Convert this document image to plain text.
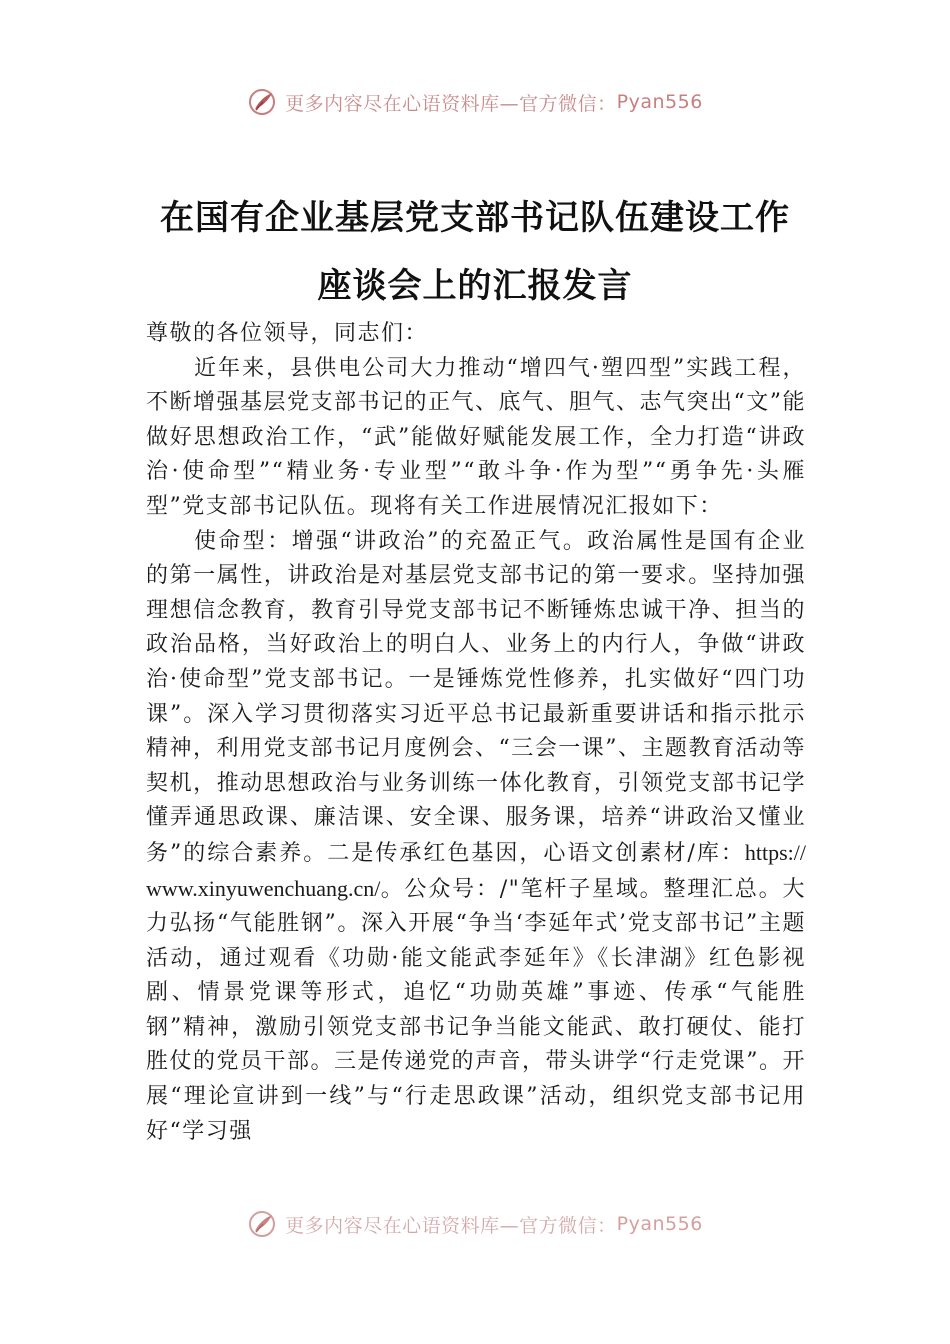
更多内容尽在心语资料库—官方微信： Pyan556
在国有企业基层党支部书记队伍建设工作
座谈会上的汇报发言

尊敬的各位领导，同志们：

近年来，县供电公司大力推动“增四气·塑四型”实践工程，不断增强基层党支部书记的正气、底气、胆气、志气突出“文”能做好思想政治工作，“武”能做好赋能发展工作，全力打造“讲政治·使命型”“精业务·专业型”“敢斗争·作为型”“勇争先·头雁型”党支部书记队伍。现将有关工作进展情况汇报如下：

使命型：增强“讲政治”的充盈正气。政治属性是国有企业的第一属性，讲政治是对基层党支部书记的第一要求。坚持加强理想信念教育，教育引导党支部书记不断锤炼忠诚干净、担当的政治品格，当好政治上的明白人、业务上的内行人，争做“讲政治·使命型”党支部书记。一是锤炼党性修养，扎实做好“四门功课”。深入学习贯彻落实习近平总书记最新重要讲话和指示批示精神，利用党支部书记月度例会、“三会一课”、主题教育活动等契机，推动思想政治与业务训练一体化教育，引领党支部书记学懂弄通思政课、廉洁课、安全课、服务课，培养“讲政治又懂业务”的综合素养。二是传承红色基因，心语文创素材/库：https://www.xinyuwenchuang.cn/。公众号：/"笔杆子星域。整理汇总。大力弘扬“气能胜钢”。深入开展“争当‘李延年式’党支部书记”主题活动，通过观看《功勋·能文能武李延年》《长津湖》红色影视剧、情景党课等形式，追忆“功勋英雄”事迹、传承“气能胜钢”精神，激励引领党支部书记争当能文能武、敢打硬仗、能打胜仗的党员干部。三是传递党的声音，带头讲学“行走党课”。开展“理论宣讲到一线”与“行走思政课”活动，组织党支部书记用好“学习强

更多内容尽在心语资料库—官方微信： Pyan556
